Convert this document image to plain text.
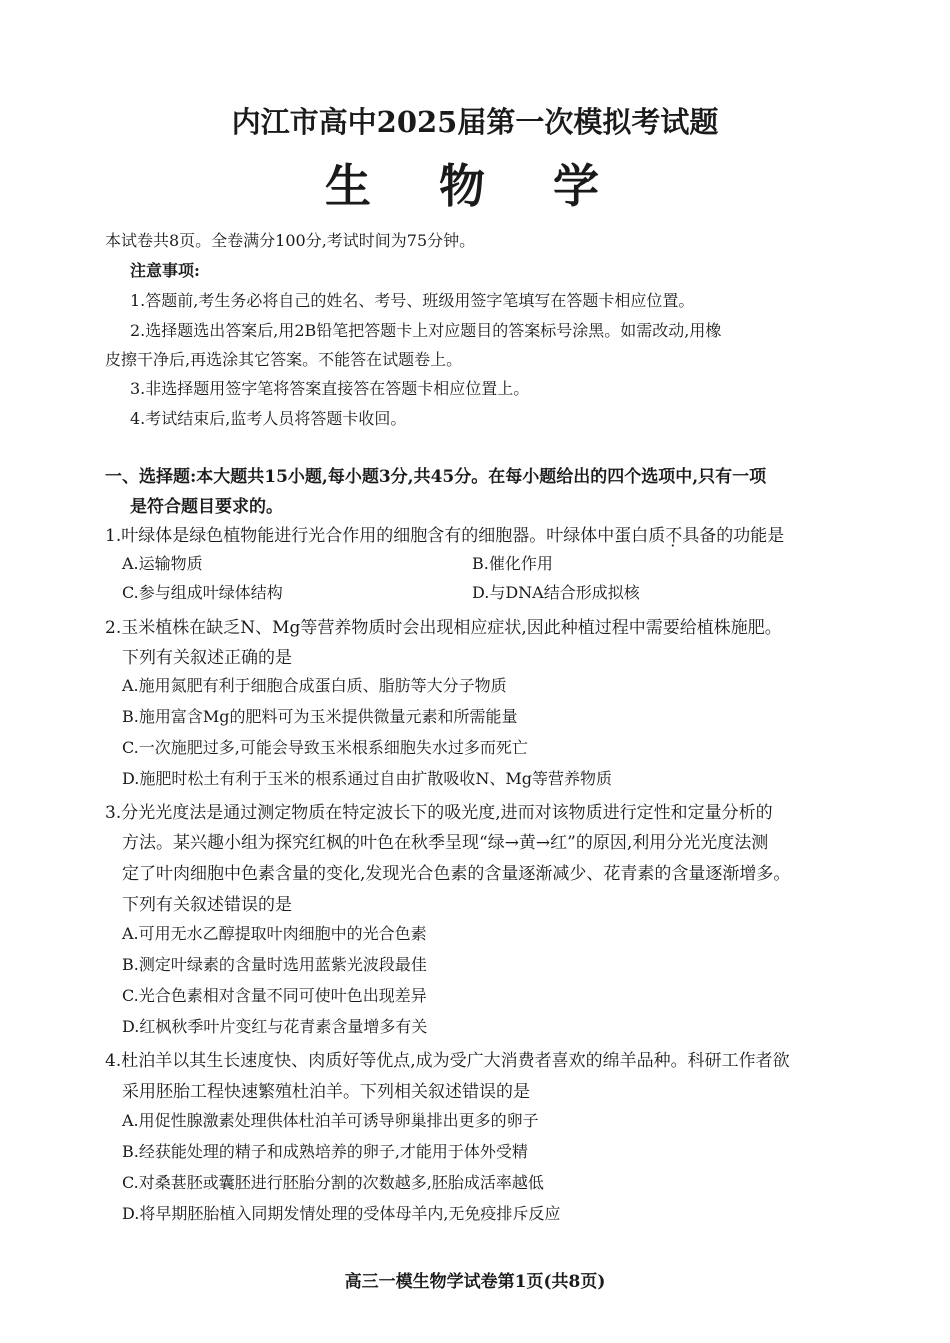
内江市高中2025届第一次模拟考试题
生 物 学
本试卷共8页。全卷满分100分,考试时间为75分钟。
注意事项:
1.答题前,考生务必将自己的姓名、考号、班级用签字笔填写在答题卡相应位置。
2.选择题选出答案后,用2B铅笔把答题卡上对应题目的答案标号涂黑。如需改动,用橡
皮擦干净后,再选涂其它答案。不能答在试题卷上。
3.非选择题用签字笔将答案直接答在答题卡相应位置上。
4.考试结束后,监考人员将答题卡收回。
一、选择题:本大题共15小题,每小题3分,共45分。在每小题给出的四个选项中,只有一项
是符合题目要求的。
1.叶绿体是绿色植物能进行光合作用的细胞含有的细胞器。叶绿体中蛋白质不具备的功能是
A.运输物质	B.催化作用
C.参与组成叶绿体结构	D.与DNA结合形成拟核
2.玉米植株在缺乏N、Mg等营养物质时会出现相应症状,因此种植过程中需要给植株施肥。
下列有关叙述正确的是
A.施用氮肥有利于细胞合成蛋白质、脂肪等大分子物质
B.施用富含Mg的肥料可为玉米提供微量元素和所需能量
C.一次施肥过多,可能会导致玉米根系细胞失水过多而死亡
D.施肥时松土有利于玉米的根系通过自由扩散吸收N、Mg等营养物质
3.分光光度法是通过测定物质在特定波长下的吸光度,进而对该物质进行定性和定量分析的
方法。某兴趣小组为探究红枫的叶色在秋季呈现“绿→黄→红”的原因,利用分光光度法测
定了叶肉细胞中色素含量的变化,发现光合色素的含量逐渐减少、花青素的含量逐渐增多。
下列有关叙述错误的是
A.可用无水乙醇提取叶肉细胞中的光合色素
B.测定叶绿素的含量时选用蓝紫光波段最佳
C.光合色素相对含量不同可使叶色出现差异
D.红枫秋季叶片变红与花青素含量增多有关
4.杜泊羊以其生长速度快、肉质好等优点,成为受广大消费者喜欢的绵羊品种。科研工作者欲
采用胚胎工程快速繁殖杜泊羊。下列相关叙述错误的是
A.用促性腺激素处理供体杜泊羊可诱导卵巢排出更多的卵子
B.经获能处理的精子和成熟培养的卵子,才能用于体外受精
C.对桑葚胚或囊胚进行胚胎分割的次数越多,胚胎成活率越低
D.将早期胚胎植入同期发情处理的受体母羊内,无免疫排斥反应
高三一模生物学试卷第1页(共8页)
